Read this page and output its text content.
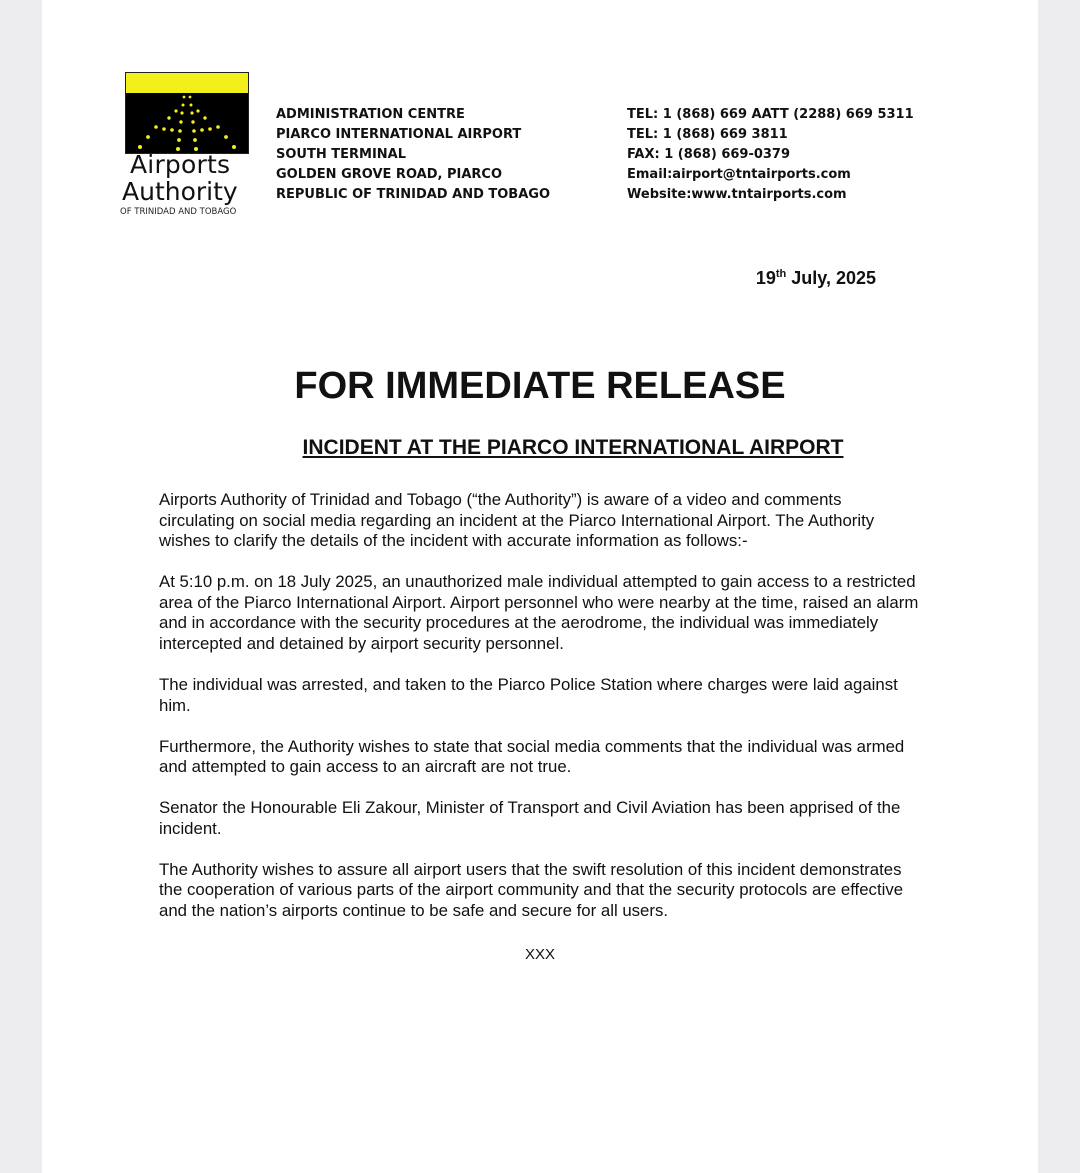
Airports
Authority
OF TRINIDAD AND TOBAGO
ADMINISTRATION CENTRE
PIARCO INTERNATIONAL AIRPORT
SOUTH TERMINAL
GOLDEN GROVE ROAD, PIARCO
REPUBLIC OF TRINIDAD AND TOBAGO
TEL: 1 (868) 669 AATT (2288) 669 5311
TEL: 1 (868) 669 3811
FAX: 1 (868) 669-0379
Email:airport@tntairports.com
Website:www.tntairports.com
19th July, 2025
FOR IMMEDIATE RELEASE
INCIDENT AT THE PIARCO INTERNATIONAL AIRPORT

Airports Authority of Trinidad and Tobago (“the Authority”) is aware of a video and comments circulating on social media regarding an incident at the Piarco International Airport. The Authority wishes to clarify the details of the incident with accurate information as follows:-

At 5:10 p.m. on 18 July 2025, an unauthorized male individual attempted to gain access to a restricted area of the Piarco International Airport. Airport personnel who were nearby at the time, raised an alarm and in accordance with the security procedures at the aerodrome, the individual was immediately intercepted and detained by airport security personnel.

The individual was arrested, and taken to the Piarco Police Station where charges were laid against him.

Furthermore, the Authority wishes to state that social media comments that the individual was armed and attempted to gain access to an aircraft are not true.

Senator the Honourable Eli Zakour, Minister of Transport and Civil Aviation has been apprised of the incident.

The Authority wishes to assure all airport users that the swift resolution of this incident demonstrates the cooperation of various parts of the airport community and that the security protocols are effective and the nation’s airports continue to be safe and secure for all users.

XXX
